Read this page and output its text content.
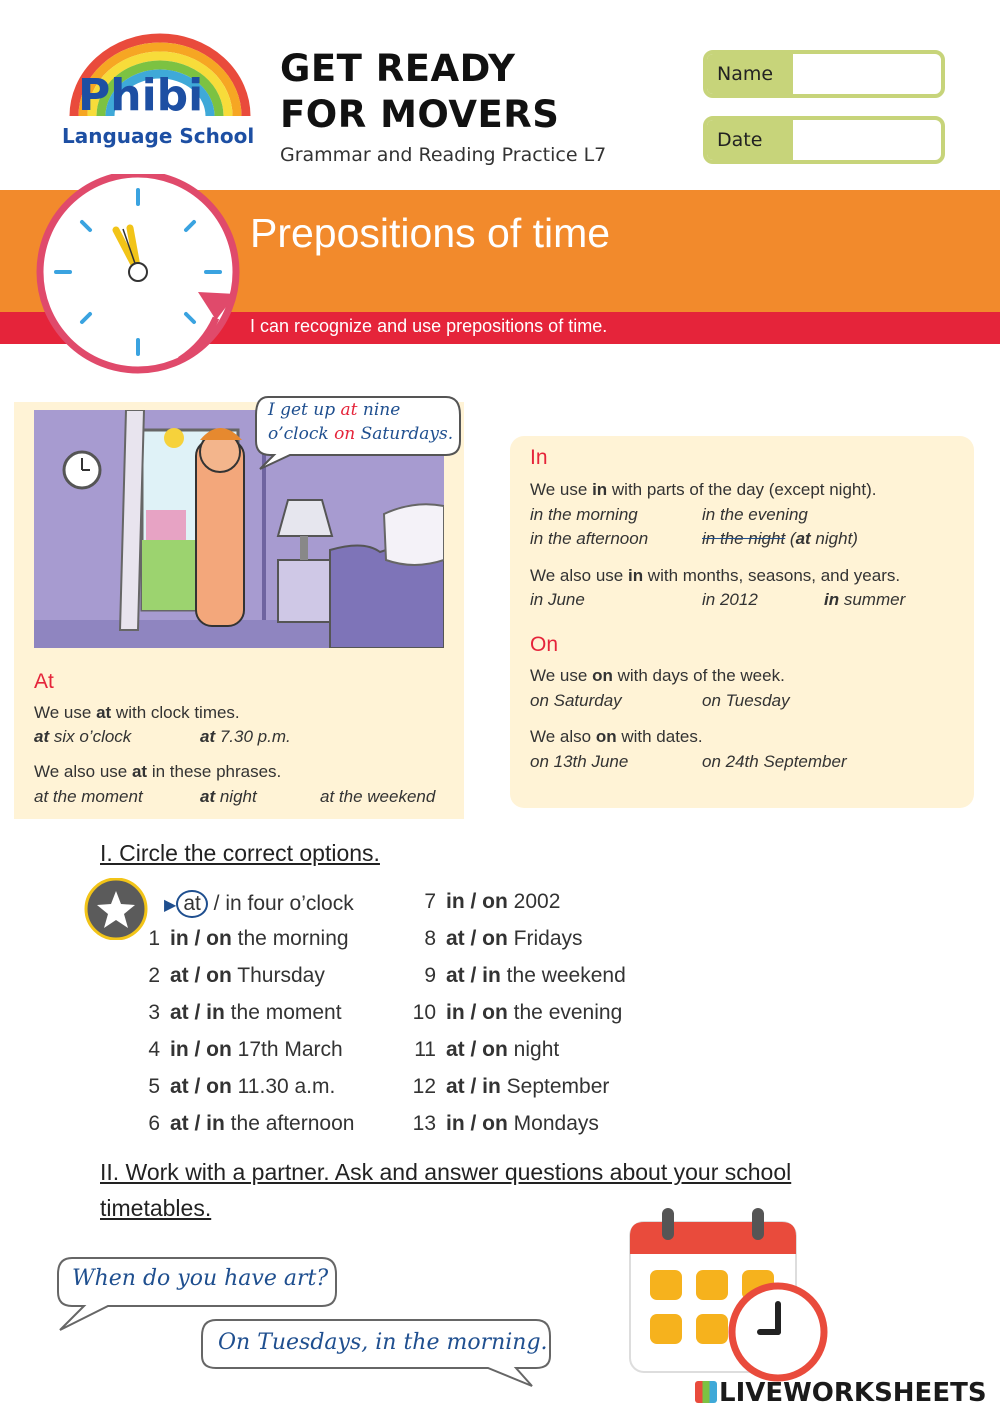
Phibi
Language School
GET READY
FOR MOVERS
Grammar and Reading Practice L7
Name
Date
Prepositions of time
I can recognize and use prepositions of time.
I get up at nine
o’clock on Saturdays.
At
We use at with clock times.
at six o’clock	at 7.30 p.m.
We also use at in these phrases.
at the moment	at night	at the weekend
In
We use in with parts of the day (except night).
in the morning	in the evening
in the afternoon	in the night (at night)
We also use in with months, seasons, and years.
in June	in 2012	in summer
On
We use on with days of the week.
on Saturday	on Tuesday
We also on with dates.
on 13th June	on 24th September
I. Circle the correct options.
▶ at / in four o’clock
1 in / on the morning
2 at / on Thursday
3 at / in the moment
4 in / on 17th March
5 at / on 11.30 a.m.
6 at / in the afternoon
7 in / on 2002
8 at / on Fridays
9 at / in the weekend
10 in / on the evening
11 at / on night
12 at / in September
13 in / on Mondays
II. Work with a partner. Ask and answer questions about your school
timetables.
When do you have art?
On Tuesdays, in the morning.
LIVEWORKSHEETS
